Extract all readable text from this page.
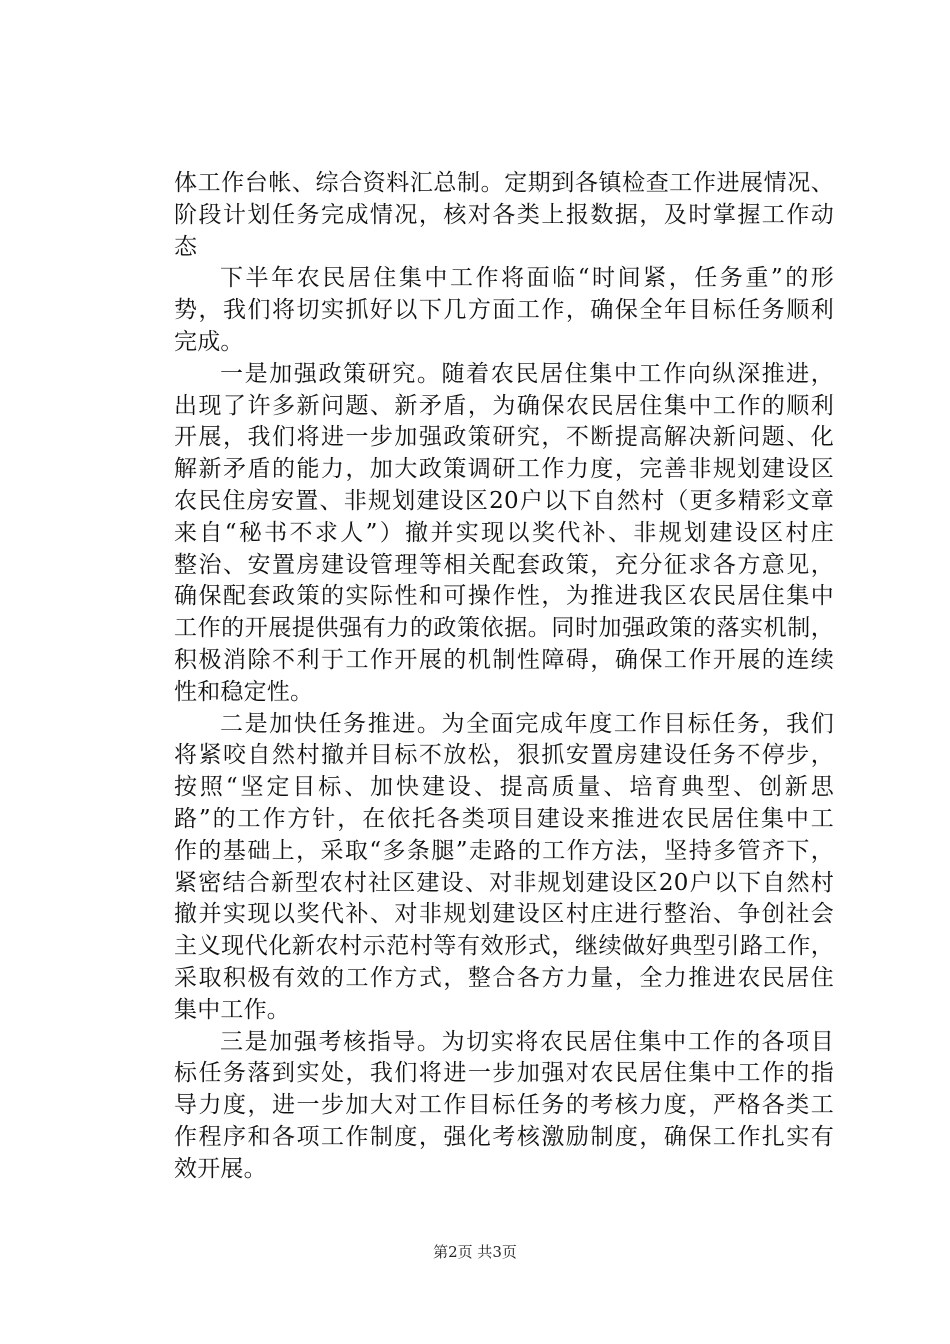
体工作台帐、综合资料汇总制。定期到各镇检查工作进展情况、
阶段计划任务完成情况，核对各类上报数据，及时掌握工作动
态
下半年农民居住集中工作将面临“时间紧，任务重”的形
势，我们将切实抓好以下几方面工作，确保全年目标任务顺利
完成。
一是加强政策研究。随着农民居住集中工作向纵深推进，
出现了许多新问题、新矛盾，为确保农民居住集中工作的顺利
开展，我们将进一步加强政策研究，不断提高解决新问题、化
解新矛盾的能力，加大政策调研工作力度，完善非规划建设区
农民住房安置、非规划建设区20户以下自然村（更多精彩文章
来自“秘书不求人”）撤并实现以奖代补、非规划建设区村庄
整治、安置房建设管理等相关配套政策，充分征求各方意见，
确保配套政策的实际性和可操作性，为推进我区农民居住集中
工作的开展提供强有力的政策依据。同时加强政策的落实机制，
积极消除不利于工作开展的机制性障碍，确保工作开展的连续
性和稳定性。
二是加快任务推进。为全面完成年度工作目标任务，我们
将紧咬自然村撤并目标不放松，狠抓安置房建设任务不停步，
按照“坚定目标、加快建设、提高质量、培育典型、创新思
路”的工作方针，在依托各类项目建设来推进农民居住集中工
作的基础上，采取“多条腿”走路的工作方法，坚持多管齐下，
紧密结合新型农村社区建设、对非规划建设区20户以下自然村
撤并实现以奖代补、对非规划建设区村庄进行整治、争创社会
主义现代化新农村示范村等有效形式，继续做好典型引路工作，
采取积极有效的工作方式，整合各方力量，全力推进农民居住
集中工作。
三是加强考核指导。为切实将农民居住集中工作的各项目
标任务落到实处，我们将进一步加强对农民居住集中工作的指
导力度，进一步加大对工作目标任务的考核力度，严格各类工
作程序和各项工作制度，强化考核激励制度，确保工作扎实有
效开展。
第2页 共3页
